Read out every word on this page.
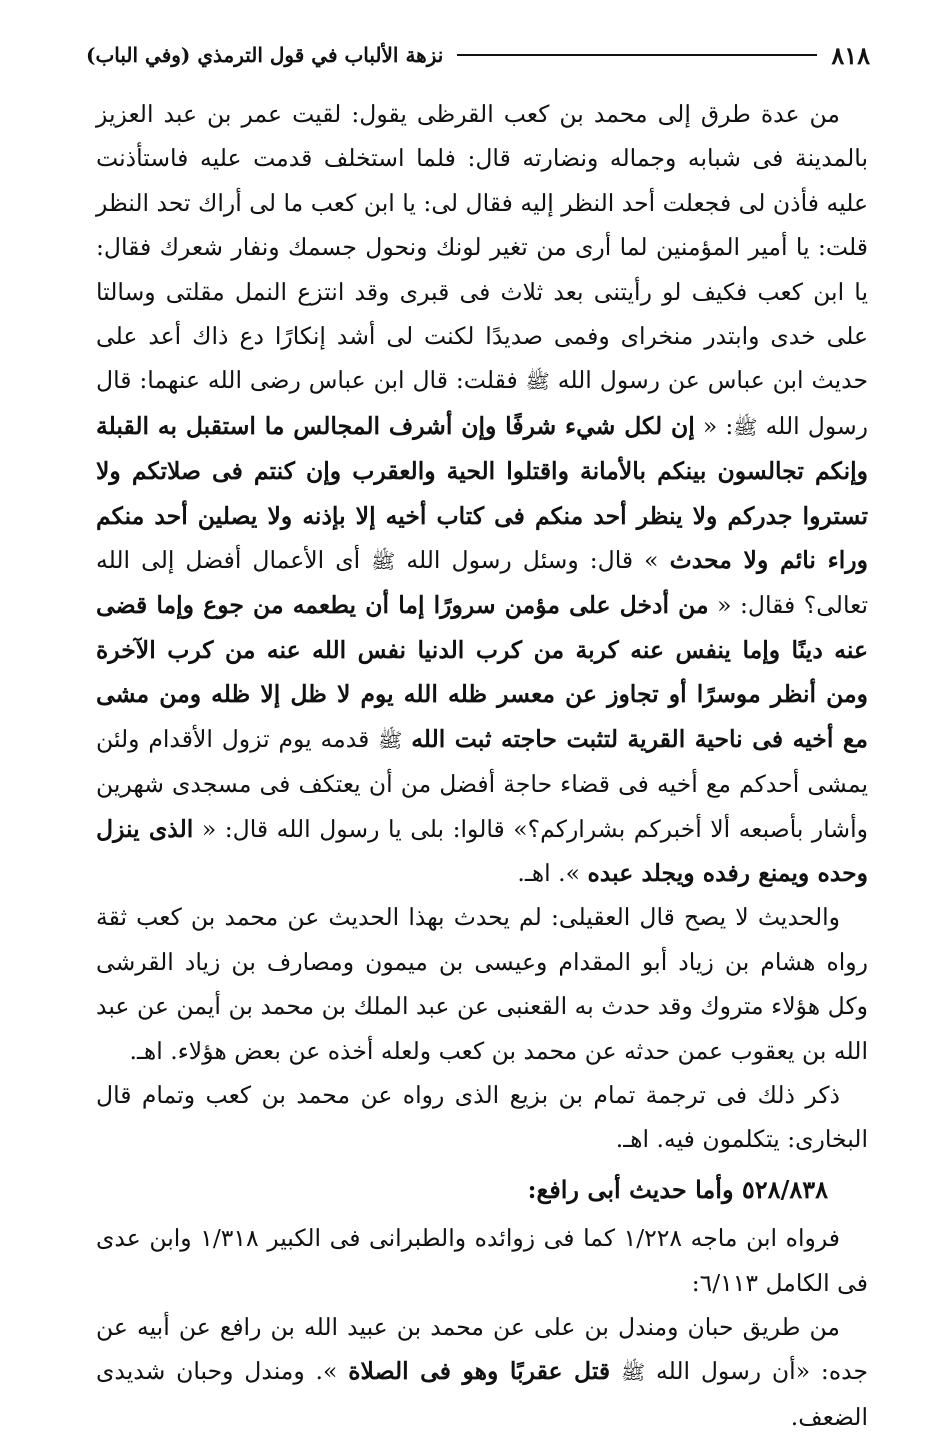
٨١٨
نزهة الألباب في قول الترمذي (وفي الباب)

من عدة طرق إلى محمد بن كعب القرظى يقول: لقيت عمر بن عبد العزيز بالمدينة فى شبابه وجماله ونضارته قال: فلما استخلف قدمت عليه فاستأذنت عليه فأذن لى فجعلت أحد النظر إليه فقال لى: يا ابن كعب ما لى أراك تحد النظر قلت: يا أمير المؤمنين لما أرى من تغير لونك ونحول جسمك ونفار شعرك فقال: يا ابن كعب فكيف لو رأيتنى بعد ثلاث فى قبرى وقد انتزع النمل مقلتى وسالتا على خدى وابتدر منخراى وفمى صديدًا لكنت لى أشد إنكارًا دع ذاك أعد على حديث ابن عباس عن رسول الله ﷺ فقلت: قال ابن عباس رضى الله عنهما: قال رسول الله ﷺ: « إن لكل شيء شرفًا وإن أشرف المجالس ما استقبل به القبلة وإنكم تجالسون بينكم بالأمانة واقتلوا الحية والعقرب وإن كنتم فى صلاتكم ولا تستروا جدركم ولا ينظر أحد منكم فى كتاب أخيه إلا بإذنه ولا يصلين أحد منكم وراء نائم ولا محدث » قال: وسئل رسول الله ﷺ أى الأعمال أفضل إلى الله تعالى؟ فقال: « من أدخل على مؤمن سرورًا إما أن يطعمه من جوع وإما قضى عنه دينًا وإما ينفس عنه كربة من كرب الدنيا نفس الله عنه من كرب الآخرة ومن أنظر موسرًا أو تجاوز عن معسر ظله الله يوم لا ظل إلا ظله ومن مشى مع أخيه فى ناحية القرية لتثبت حاجته ثبت الله ﷺ قدمه يوم تزول الأقدام ولئن يمشى أحدكم مع أخيه فى قضاء حاجة أفضل من أن يعتكف فى مسجدى شهرين وأشار بأصبعه ألا أخبركم بشراركم؟» قالوا: بلى يا رسول الله قال: « الذى ينزل وحده ويمنع رفده ويجلد عبده ». اهـ.

والحديث لا يصح قال العقيلى: لم يحدث بهذا الحديث عن محمد بن كعب ثقة رواه هشام بن زياد أبو المقدام وعيسى بن ميمون ومصارف بن زياد القرشى وكل هؤلاء متروك وقد حدث به القعنبى عن عبد الملك بن محمد بن أيمن عن عبد الله بن يعقوب عمن حدثه عن محمد بن كعب ولعله أخذه عن بعض هؤلاء. اهـ.

ذكر ذلك فى ترجمة تمام بن بزيع الذى رواه عن محمد بن كعب وتمام قال البخارى: يتكلمون فيه. اهـ.

٥٢٨/٨٣٨ وأما حديث أبى رافع:

فرواه ابن ماجه ١/٢٢٨ كما فى زوائده والطبرانى فى الكبير ١/٣١٨ وابن عدى فى الكامل ٦/١١٣:

من طريق حبان ومندل بن على عن محمد بن عبيد الله بن رافع عن أبيه عن جده: «أن رسول الله ﷺ قتل عقربًا وهو فى الصلاة ». ومندل وحبان شديدى الضعف.
